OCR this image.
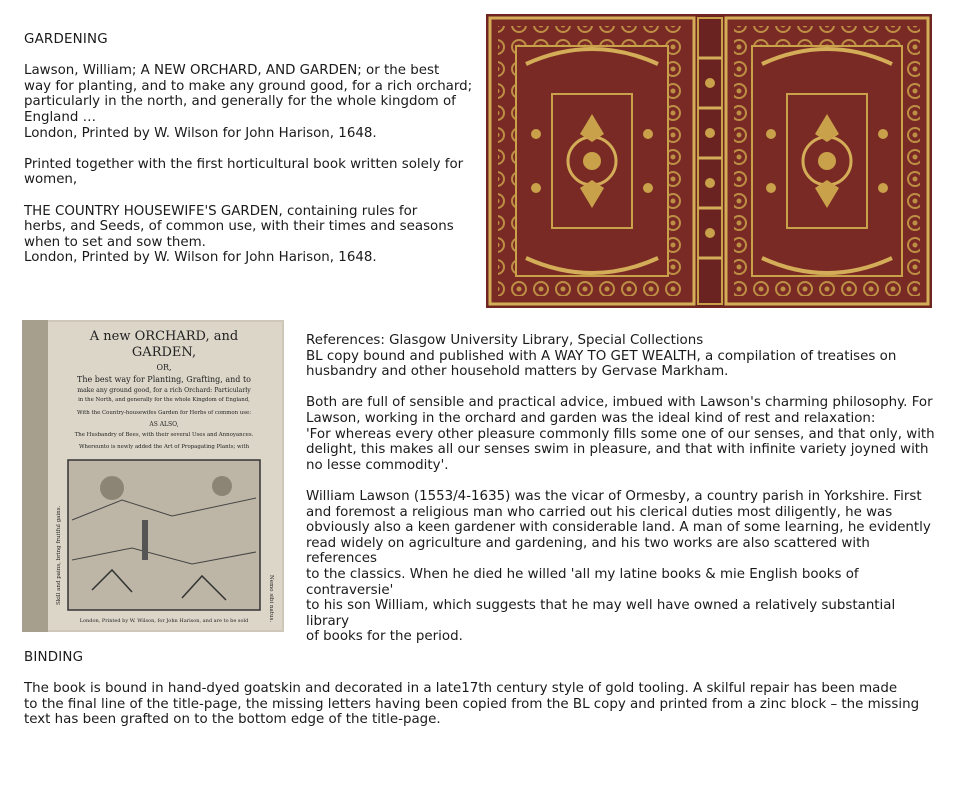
GARDENING

Lawson, William; A NEW ORCHARD, AND GARDEN; or the best

way for planting, and to make any ground good, for a rich orchard;

particularly in the north, and generally for the whole kingdom of

England …

London, Printed by W. Wilson for John Harison, 1648.

Printed together with the first horticultural book written solely for

women,

THE COUNTRY HOUSEWIFE'S GARDEN, containing rules for

herbs, and Seeds, of common use, with their times and seasons

when to set and sow them.

London, Printed by W. Wilson for John Harison, 1648.

A new ORCHARD, and
GARDEN,
OR,
The best way for Planting, Grafting, and to
make any ground good, for a rich Orchard: Particularly
in the North, and generally for the whole Kingdom of England,
With the Country-housewifes Garden for Herbs of common use:
AS ALSO,
The Husbandry of Bees, with their several Uses and Annoyances.
Whereunto is newly added the Art of Propagating Plants; with
Skill and pains, bring fruitful gains.	Nemo sibi natus.
London, Printed by W. Wilson, for John Harison, and are to be sold

References: Glasgow University Library, Special Collections

BL copy bound and published with A WAY TO GET WEALTH, a compilation of treatises on

husbandry and other household matters by Gervase Markham.

Both are full of sensible and practical advice, imbued with Lawson's charming philosophy. For

Lawson, working in the orchard and garden was the ideal kind of rest and relaxation:

'For whereas every other pleasure commonly fills some one of our senses, and that only, with

delight, this makes all our senses swim in pleasure, and that with infinite variety joyned with

no lesse commodity'.

William Lawson (1553/4-1635) was the vicar of Ormesby, a country parish in Yorkshire. First

and foremost a religious man who carried out his clerical duties most diligently, he was

obviously also a keen gardener with considerable land. A man of some learning, he evidently

read widely on agriculture and gardening, and his two works are also scattered with references

to the classics. When he died he willed 'all my latine books & mie English books of contraversie'

to his son William, which suggests that he may well have owned a relatively substantial library

of books for the period.

BINDING

The book is bound in hand-dyed goatskin and decorated in a late17th century style of gold tooling. A skilful repair has been made

to the final line of the title-page, the missing letters having been copied from the BL copy and printed from a zinc block – the missing

text has been grafted on to the bottom edge of the title-page.
